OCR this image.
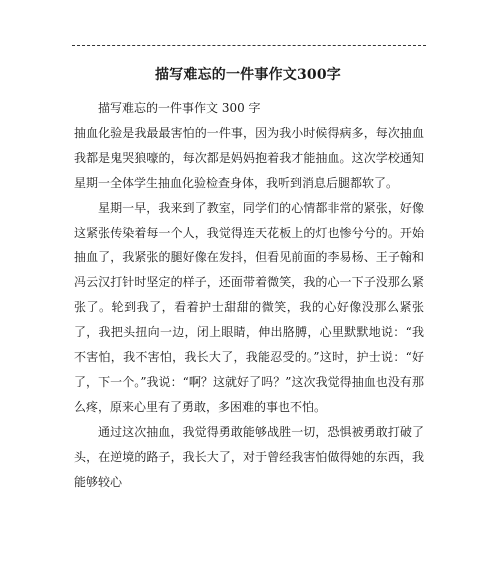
描写难忘的一件事作文300字

描写难忘的一件事作文 300 字

抽血化验是我最最害怕的一件事，因为我小时候得病多，每次抽血我都是鬼哭狼嚎的，每次都是妈妈抱着我才能抽血。这次学校通知星期一全体学生抽血化验检查身体，我听到消息后腿都软了。

星期一早，我来到了教室，同学们的心情都非常的紧张，好像这紧张传染着每一个人，我觉得连天花板上的灯也惨兮兮的。开始抽血了，我紧张的腿好像在发抖，但看见前面的李易杨、王子翰和冯云汉打针时坚定的样子，还面带着微笑，我的心一下子没那么紧张了。轮到我了，看着护士甜甜的微笑，我的心好像没那么紧张了，我把头扭向一边，闭上眼睛，伸出胳膊，心里默默地说：“我不害怕，我不害怕，我长大了，我能忍受的。”这时，护士说：“好了，下一个。”我说：“啊？这就好了吗？”这次我觉得抽血也没有那么疼，原来心里有了勇敢，多困难的事也不怕。

通过这次抽血，我觉得勇敢能够战胜一切，恐惧被勇敢打破了头，在逆境的路子，我长大了，对于曾经我害怕做得她的东西，我能够较心
